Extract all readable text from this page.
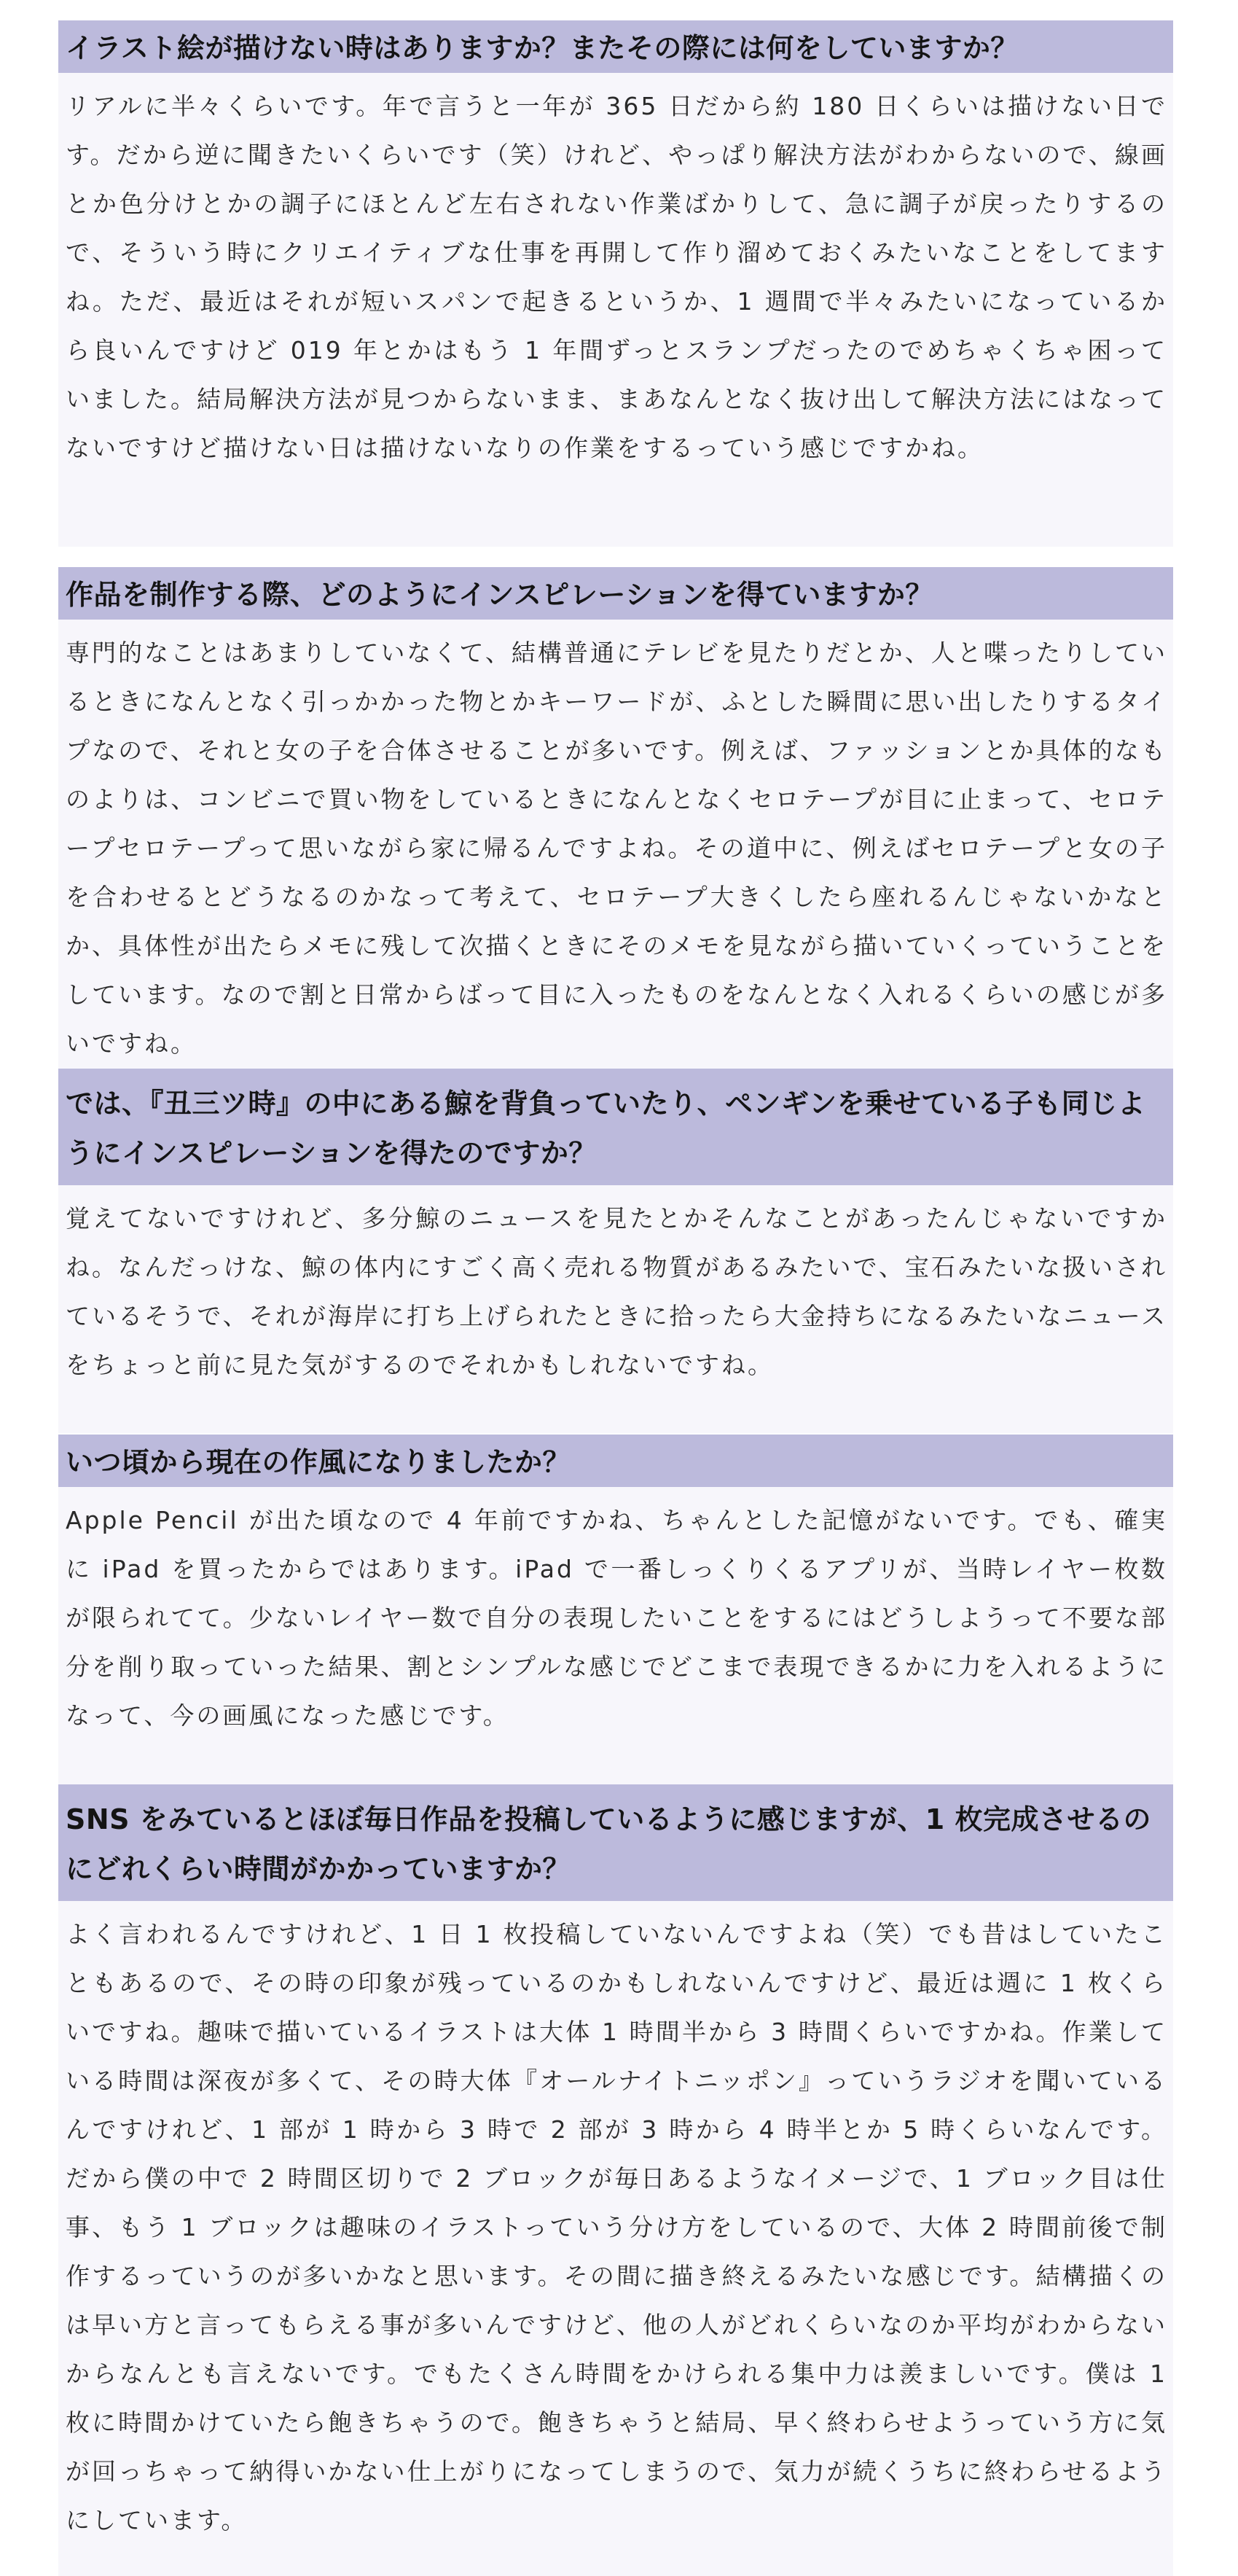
イラスト絵が描けない時はありますか？またその際には何をしていますか？

リアルに半々くらいです。年で言うと一年が 365 日だから約 180 日くらいは描けない日です。だから逆に聞きたいくらいです（笑）けれど、やっぱり解決方法がわからないので、線画とか色分けとかの調子にほとんど左右されない作業ばかりして、急に調子が戻ったりするので、そういう時にクリエイティブな仕事を再開して作り溜めておくみたいなことをしてますね。ただ、最近はそれが短いスパンで起きるというか、1 週間で半々みたいになっているから良いんですけど 019 年とかはもう 1 年間ずっとスランプだったのでめちゃくちゃ困っていました。結局解決方法が見つからないまま、まあなんとなく抜け出して解決方法にはなってないですけど描けない日は描けないなりの作業をするっていう感じですかね。

作品を制作する際、どのようにインスピレーションを得ていますか？

専門的なことはあまりしていなくて、結構普通にテレビを見たりだとか、人と喋ったりしているときになんとなく引っかかった物とかキーワードが、ふとした瞬間に思い出したりするタイプなので、それと女の子を合体させることが多いです。例えば、ファッションとか具体的なものよりは、コンビニで買い物をしているときになんとなくセロテープが目に止まって、セロテープセロテープって思いながら家に帰るんですよね。その道中に、例えばセロテープと女の子を合わせるとどうなるのかなって考えて、セロテープ大きくしたら座れるんじゃないかなとか、具体性が出たらメモに残して次描くときにそのメモを見ながら描いていくっていうことをしています。なので割と日常からばって目に入ったものをなんとなく入れるくらいの感じが多いですね。

では、『丑三ツ時』の中にある鯨を背負っていたり、ペンギンを乗せている子も同じようにインスピレーションを得たのですか？

覚えてないですけれど、多分鯨のニュースを見たとかそんなことがあったんじゃないですかね。なんだっけな、鯨の体内にすごく高く売れる物質があるみたいで、宝石みたいな扱いされているそうで、それが海岸に打ち上げられたときに拾ったら大金持ちになるみたいなニュースをちょっと前に見た気がするのでそれかもしれないですね。

いつ頃から現在の作風になりましたか？

Apple Pencil が出た頃なので 4 年前ですかね、ちゃんとした記憶がないです。でも、確実に iPad を買ったからではあります。iPad で一番しっくりくるアプリが、当時レイヤー枚数が限られてて。少ないレイヤー数で自分の表現したいことをするにはどうしようって不要な部分を削り取っていった結果、割とシンプルな感じでどこまで表現できるかに力を入れるようになって、今の画風になった感じです。

SNS をみているとほぼ毎日作品を投稿しているように感じますが、1 枚完成させるのにどれくらい時間がかかっていますか？

よく言われるんですけれど、1 日 1 枚投稿していないんですよね（笑）でも昔はしていたこともあるので、その時の印象が残っているのかもしれないんですけど、最近は週に 1 枚くらいですね。趣味で描いているイラストは大体 1 時間半から 3 時間くらいですかね。作業している時間は深夜が多くて、その時大体『オールナイトニッポン』っていうラジオを聞いているんですけれど、1 部が 1 時から 3 時で 2 部が 3 時から 4 時半とか 5 時くらいなんです。だから僕の中で 2 時間区切りで 2 ブロックが毎日あるようなイメージで、1 ブロック目は仕事、もう 1 ブロックは趣味のイラストっていう分け方をしているので、大体 2 時間前後で制作するっていうのが多いかなと思います。その間に描き終えるみたいな感じです。結構描くのは早い方と言ってもらえる事が多いんですけど、他の人がどれくらいなのか平均がわからないからなんとも言えないです。でもたくさん時間をかけられる集中力は羨ましいです。僕は 1 枚に時間かけていたら飽きちゃうので。飽きちゃうと結局、早く終わらせようっていう方に気が回っちゃって納得いかない仕上がりになってしまうので、気力が続くうちに終わらせるようにしています。
